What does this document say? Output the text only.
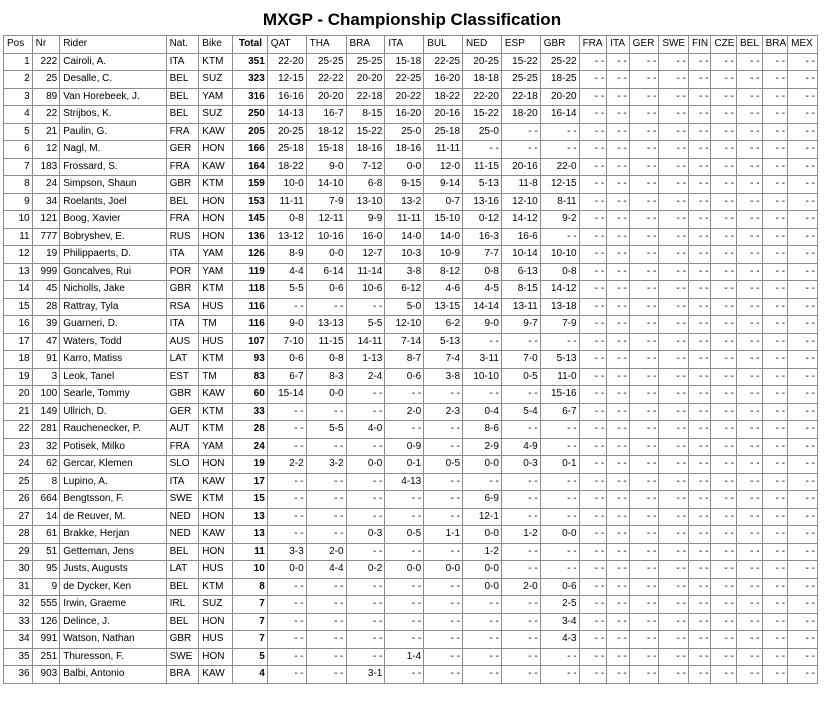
MXGP - Championship Classification
Pos	Nr	Rider	Nat.	Bike	Total	QAT	THA	BRA	ITA	BUL	NED	ESP	GBR	FRA	ITA	GER	SWE	FIN	CZE	BEL	BRA	MEX
1	222	Cairoli, A.	ITA	KTM	351	22-20	25-25	25-25	15-18	22-25	20-25	15-22	25-22	- -	- -	- -	- -	- -	- -	- -	- -	- -
2	25	Desalle, C.	BEL	SUZ	323	12-15	22-22	20-20	22-25	16-20	18-18	25-25	18-25	- -	- -	- -	- -	- -	- -	- -	- -	- -
3	89	Van Horebeek, J.	BEL	YAM	316	16-16	20-20	22-18	20-22	18-22	22-20	22-18	20-20	- -	- -	- -	- -	- -	- -	- -	- -	- -
4	22	Strijbos, K.	BEL	SUZ	250	14-13	16-7	8-15	16-20	20-16	15-22	18-20	16-14	- -	- -	- -	- -	- -	- -	- -	- -	- -
5	21	Paulin, G.	FRA	KAW	205	20-25	18-12	15-22	25-0	25-18	25-0	- -	- -	- -	- -	- -	- -	- -	- -	- -	- -	- -
6	12	Nagl, M.	GER	HON	166	25-18	15-18	18-16	18-16	11-11	- -	- -	- -	- -	- -	- -	- -	- -	- -	- -	- -	- -
7	183	Frossard, S.	FRA	KAW	164	18-22	9-0	7-12	0-0	12-0	11-15	20-16	22-0	- -	- -	- -	- -	- -	- -	- -	- -	- -
8	24	Simpson, Shaun	GBR	KTM	159	10-0	14-10	6-8	9-15	9-14	5-13	11-8	12-15	- -	- -	- -	- -	- -	- -	- -	- -	- -
9	34	Roelants, Joel	BEL	HON	153	11-11	7-9	13-10	13-2	0-7	13-16	12-10	8-11	- -	- -	- -	- -	- -	- -	- -	- -	- -
10	121	Boog, Xavier	FRA	HON	145	0-8	12-11	9-9	11-11	15-10	0-12	14-12	9-2	- -	- -	- -	- -	- -	- -	- -	- -	- -
11	777	Bobryshev, E.	RUS	HON	136	13-12	10-16	16-0	14-0	14-0	16-3	16-6	- -	- -	- -	- -	- -	- -	- -	- -	- -	- -
12	19	Philippaerts, D.	ITA	YAM	126	8-9	0-0	12-7	10-3	10-9	7-7	10-14	10-10	- -	- -	- -	- -	- -	- -	- -	- -	- -
13	999	Goncalves, Rui	POR	YAM	119	4-4	6-14	11-14	3-8	8-12	0-8	6-13	0-8	- -	- -	- -	- -	- -	- -	- -	- -	- -
14	45	Nicholls, Jake	GBR	KTM	118	5-5	0-6	10-6	6-12	4-6	4-5	8-15	14-12	- -	- -	- -	- -	- -	- -	- -	- -	- -
15	28	Rattray, Tyla	RSA	HUS	116	- -	- -	- -	5-0	13-15	14-14	13-11	13-18	- -	- -	- -	- -	- -	- -	- -	- -	- -
16	39	Guarneri, D.	ITA	TM	116	9-0	13-13	5-5	12-10	6-2	9-0	9-7	7-9	- -	- -	- -	- -	- -	- -	- -	- -	- -
17	47	Waters, Todd	AUS	HUS	107	7-10	11-15	14-11	7-14	5-13	- -	- -	- -	- -	- -	- -	- -	- -	- -	- -	- -	- -
18	91	Karro, Matiss	LAT	KTM	93	0-6	0-8	1-13	8-7	7-4	3-11	7-0	5-13	- -	- -	- -	- -	- -	- -	- -	- -	- -
19	3	Leok, Tanel	EST	TM	83	6-7	8-3	2-4	0-6	3-8	10-10	0-5	11-0	- -	- -	- -	- -	- -	- -	- -	- -	- -
20	100	Searle, Tommy	GBR	KAW	60	15-14	0-0	- -	- -	- -	- -	- -	15-16	- -	- -	- -	- -	- -	- -	- -	- -	- -
21	149	Ullrich, D.	GER	KTM	33	- -	- -	- -	2-0	2-3	0-4	5-4	6-7	- -	- -	- -	- -	- -	- -	- -	- -	- -
22	281	Rauchenecker, P.	AUT	KTM	28	- -	5-5	4-0	- -	- -	8-6	- -	- -	- -	- -	- -	- -	- -	- -	- -	- -	- -
23	32	Potisek, Milko	FRA	YAM	24	- -	- -	- -	0-9	- -	2-9	4-9	- -	- -	- -	- -	- -	- -	- -	- -	- -	- -
24	62	Gercar, Klemen	SLO	HON	19	2-2	3-2	0-0	0-1	0-5	0-0	0-3	0-1	- -	- -	- -	- -	- -	- -	- -	- -	- -
25	8	Lupino, A.	ITA	KAW	17	- -	- -	- -	4-13	- -	- -	- -	- -	- -	- -	- -	- -	- -	- -	- -	- -	- -
26	664	Bengtsson, F.	SWE	KTM	15	- -	- -	- -	- -	- -	6-9	- -	- -	- -	- -	- -	- -	- -	- -	- -	- -	- -
27	14	de Reuver, M.	NED	HON	13	- -	- -	- -	- -	- -	12-1	- -	- -	- -	- -	- -	- -	- -	- -	- -	- -	- -
28	61	Brakke, Herjan	NED	KAW	13	- -	- -	0-3	0-5	1-1	0-0	1-2	0-0	- -	- -	- -	- -	- -	- -	- -	- -	- -
29	51	Getteman, Jens	BEL	HON	11	3-3	2-0	- -	- -	- -	1-2	- -	- -	- -	- -	- -	- -	- -	- -	- -	- -	- -
30	95	Justs, Augusts	LAT	HUS	10	0-0	4-4	0-2	0-0	0-0	0-0	- -	- -	- -	- -	- -	- -	- -	- -	- -	- -	- -
31	9	de Dycker, Ken	BEL	KTM	8	- -	- -	- -	- -	- -	0-0	2-0	0-6	- -	- -	- -	- -	- -	- -	- -	- -	- -
32	555	Irwin, Graeme	IRL	SUZ	7	- -	- -	- -	- -	- -	- -	- -	2-5	- -	- -	- -	- -	- -	- -	- -	- -	- -
33	126	Delince, J.	BEL	HON	7	- -	- -	- -	- -	- -	- -	- -	3-4	- -	- -	- -	- -	- -	- -	- -	- -	- -
34	991	Watson, Nathan	GBR	HUS	7	- -	- -	- -	- -	- -	- -	- -	4-3	- -	- -	- -	- -	- -	- -	- -	- -	- -
35	251	Thuresson, F.	SWE	HON	5	- -	- -	- -	1-4	- -	- -	- -	- -	- -	- -	- -	- -	- -	- -	- -	- -	- -
36	903	Balbi, Antonio	BRA	KAW	4	- -	- -	3-1	- -	- -	- -	- -	- -	- -	- -	- -	- -	- -	- -	- -	- -	- -
